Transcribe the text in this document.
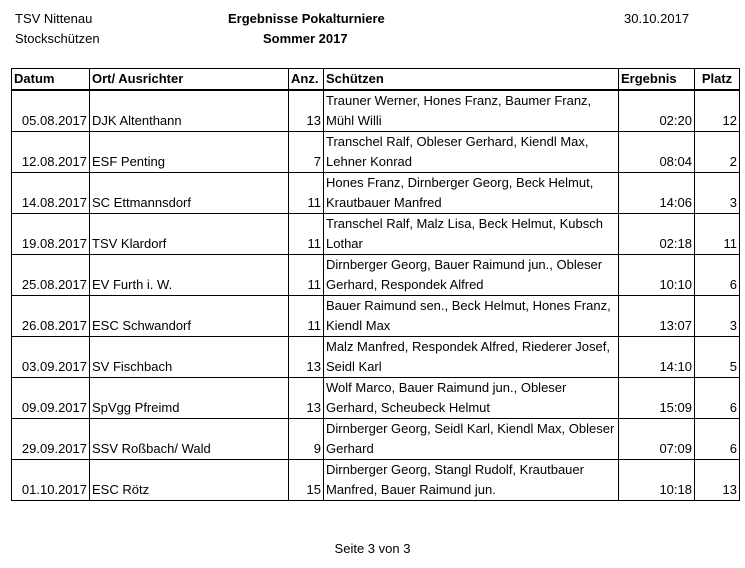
TSV Nittenau
Stockschützen
Ergebnisse Pokalturniere
Sommer 2017
30.10.2017
Datum	Ort/ Ausrichter	Anz.	Schützen	Ergebnis	Platz
05.08.2017	DJK Altenthann	13	Trauner Werner, Hones Franz, Baumer Franz, Mühl Willi	02:20	12
12.08.2017	ESF Penting	7	Transchel Ralf, Obleser Gerhard, Kiendl Max, Lehner Konrad	08:04	2
14.08.2017	SC Ettmannsdorf	11	Hones Franz, Dirnberger Georg, Beck Helmut, Krautbauer Manfred	14:06	3
19.08.2017	TSV Klardorf	11	Transchel Ralf, Malz Lisa, Beck Helmut, Kubsch Lothar	02:18	11
25.08.2017	EV Furth i. W.	11	Dirnberger Georg, Bauer Raimund jun., Obleser Gerhard, Respondek Alfred	10:10	6
26.08.2017	ESC Schwandorf	11	Bauer Raimund sen., Beck Helmut, Hones Franz, Kiendl Max	13:07	3
03.09.2017	SV Fischbach	13	Malz Manfred, Respondek Alfred, Riederer Josef, Seidl Karl	14:10	5
09.09.2017	SpVgg Pfreimd	13	Wolf Marco, Bauer Raimund jun., Obleser Gerhard, Scheubeck Helmut	15:09	6
29.09.2017	SSV Roßbach/ Wald	9	Dirnberger Georg, Seidl Karl, Kiendl Max, Obleser Gerhard	07:09	6
01.10.2017	ESC Rötz	15	Dirnberger Georg, Stangl Rudolf, Krautbauer Manfred, Bauer Raimund jun.	10:18	13
Seite 3 von 3
